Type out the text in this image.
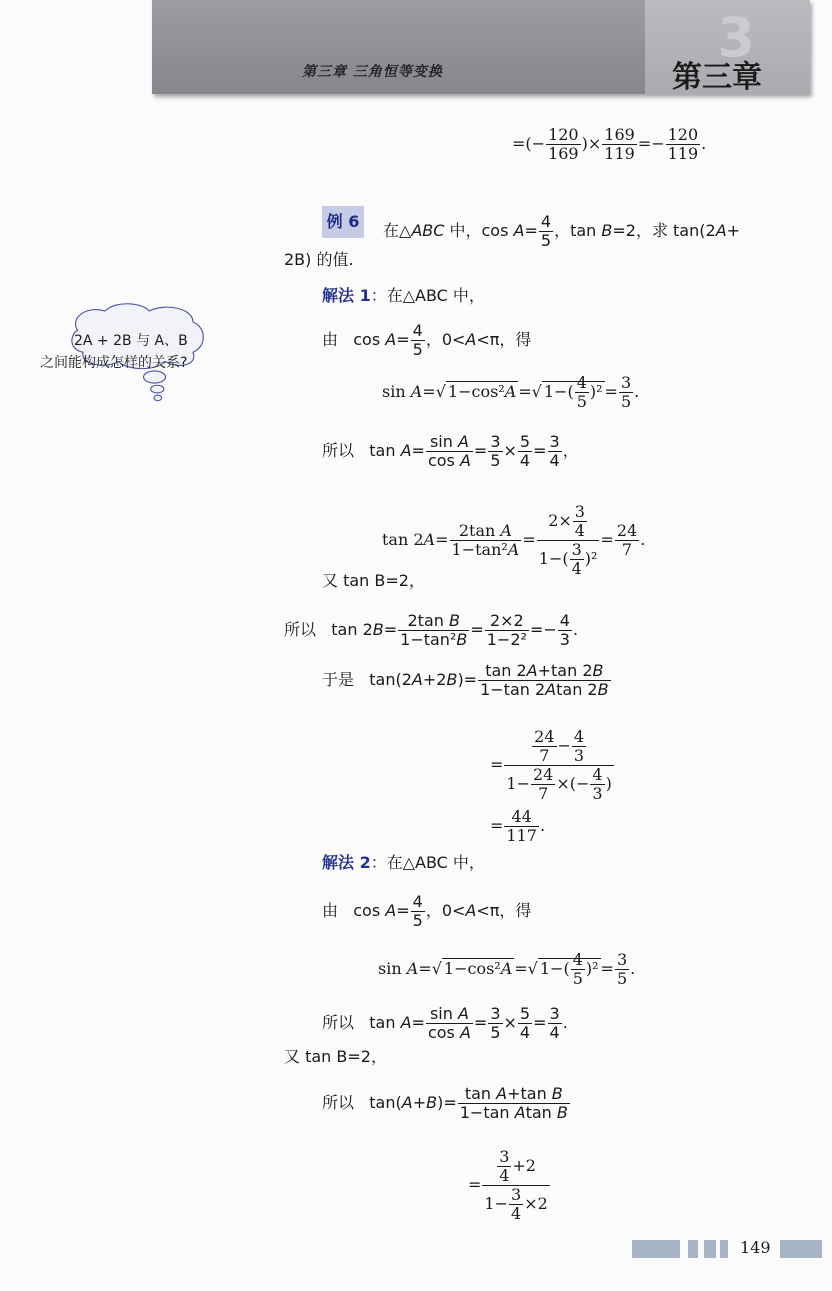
3
第三章 三角恒等变换	第三章
=(− $\frac{120}{169}$ )× $\frac{169}{119} =- \frac{120}{119}$ .
例 6 在△ABC 中，$\cos A= \frac{4}{5}$ ，tan B=2，求 tan(2A+
2B) 的值.
解法 1：在△ABC 中，
由   $\cos A= \frac{4}{5}$ ，0<A<π，得
sin A=√ 1−cos²A =√ $1-( \frac{4}{5} )^2 = \frac{3}{5}$ .
所以   $\tan A= \frac{\text{sin A}}{\text{cos A}} = \frac{3}{5} \times \frac{5}{4} = \frac{3}{4}$ ，
$\tan 2A= \frac{\text{2tan A}}{\text{1−tan²A}} = \frac{2\times \frac{3}{4}}{1-( \frac{3}{4} )^2} = \frac{24}{7}$ .
又 tan B=2，
所以   $\tan 2B= \frac{\text{2tan B}}{\text{1−tan²B}} = \frac{2\times 2}{\text{1−2²}} =- \frac{4}{3}$ .
于是   $\tan(2A+2B)= \frac{\tan 2A+\tan 2B}{1-\tan 2Atan 2B}$
= $\frac{\frac{24}{7} - \frac{4}{3}}{1- \frac{24}{7} \times(- \frac{4}{3} )}$
= $\frac{44}{117}$ .
解法 2：在△ABC 中，
由   $\cos A= \frac{4}{5}$ ，0<A<π，得
sin A=√ 1−cos²A =√ $1-( \frac{4}{5} )^2 = \frac{3}{5}$ .
所以   $\tan A= \frac{\text{sin A}}{\text{cos A}} = \frac{3}{5} \times \frac{5}{4} = \frac{3}{4}$ .
又 tan B=2，
所以   $\tan(A+B)= \frac{\text{tan A+tan B}}{\text{1−tan Atan B}}$
= $\frac{\frac{3}{4} +2}{1- \frac{3}{4} \times 2}$
2A + 2B 与 A、B
之间能构成怎样的关系?
149
